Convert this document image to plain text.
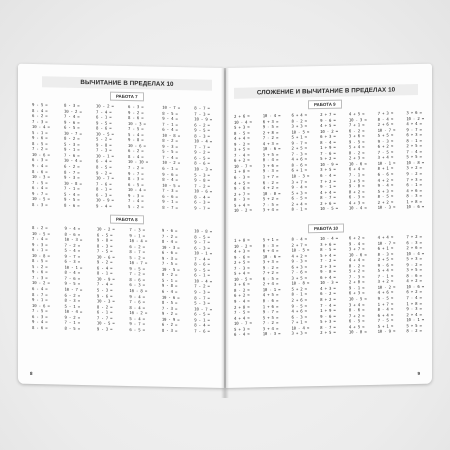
ВЫЧИТАНИЕ В ПРЕДЕЛАХ 10
РАБОТА 7
9 - 5 =
8 - 4 =
6 - 2 =
7 - 3 =
10 - 4 =
5 - 1 =
9 - 6 =
8 - 5 =
7 - 2 =
10 - 6 =
6 - 3 =
9 - 4 =
8 - 6 =
10 - 3 =
7 - 5 =
6 - 4 =
9 - 7 =
10 - 5 =
8 - 3 =
8 - 3 =
10 - 2 =
7 - 4 =
9 - 6 =
6 - 5 =
10 - 7 =
8 - 2 =
5 - 3 =
9 - 1 =
7 - 6 =
10 - 4 =
6 - 2 =
8 - 7 =
9 - 3 =
10 - 8 =
7 - 1 =
5 - 4 =
9 - 5 =
8 - 6 =
10 - 2 =
7 - 4 =
6 - 1 =
9 - 5 =
8 - 6 =
10 - 5 =
5 - 2 =
9 - 8 =
7 - 3 =
10 - 1 =
6 - 4 =
8 - 5 =
9 - 2 =
10 - 7 =
7 - 6 =
8 - 1 =
6 - 3 =
10 - 9 =
9 - 4 =
6 - 3 =
9 - 2 =
8 - 6 =
10 - 3 =
7 - 5 =
5 - 4 =
9 - 8 =
10 - 6 =
6 - 2 =
8 - 4 =
10 - 10 =
7 - 2 =
9 - 7 =
8 - 3 =
6 - 5 =
10 - 4 =
9 - 3 =
7 - 4 =
5 - 2 =
10 - 7 =
8 - 5 =
9 - 4 =
7 - 1 =
6 - 4 =
10 - 8 =
8 - 2 =
9 - 3 =
5 - 5 =
7 - 4 =
10 - 2 =
6 - 1 =
9 - 6 =
8 - 4 =
10 - 5 =
7 - 3 =
6 - 6 =
9 - 1 =
8 - 7 =
8 - 7 =
7 - 3 =
10 - 9 =
6 - 2 =
9 - 5 =
8 - 3 =
10 - 4 =
7 - 7 =
9 - 2 =
6 - 5 =
8 - 6 =
10 - 3 =
5 - 3 =
9 - 8 =
7 - 2 =
10 - 6 =
8 - 4 =
6 - 3 =
9 - 7 =
РАБОТА 8
8 - 2 =
10 - 5 =
7 - 4 =
9 - 3 =
6 - 1 =
10 - 8 =
8 - 5 =
5 - 2 =
9 - 6 =
7 - 3 =
10 - 2 =
6 - 4 =
8 - 7 =
9 - 1 =
10 - 6 =
7 - 5 =
6 - 3 =
9 - 4 =
8 - 6 =
9 - 4 =
8 - 6 =
10 - 3 =
7 - 2 =
5 - 4 =
9 - 7 =
6 - 3 =
10 - 1 =
8 - 4 =
7 - 6 =
9 - 5 =
10 - 7 =
6 - 2 =
8 - 3 =
5 - 1 =
10 - 4 =
9 - 2 =
7 - 1 =
8 - 5 =
10 - 2 =
6 - 5 =
9 - 8 =
8 - 3 =
7 - 5 =
10 - 6 =
9 - 2 =
6 - 4 =
8 - 1 =
10 - 9 =
7 - 4 =
5 - 3 =
9 - 6 =
10 - 3 =
8 - 2 =
6 - 1 =
7 - 7 =
10 - 5 =
9 - 3 =
7 - 3 =
9 - 1 =
10 - 4 =
6 - 2 =
8 - 7 =
5 - 2 =
10 - 7 =
9 - 5 =
7 - 2 =
8 - 6 =
6 - 3 =
10 - 8 =
9 - 4 =
7 - 6 =
8 - 4 =
10 - 2 =
5 - 4 =
9 - 7 =
6 - 5 =
9 - 6 =
7 - 2 =
8 - 4 =
10 - 3 =
6 - 6 =
9 - 3 =
7 - 5 =
10 - 5 =
8 - 2 =
5 - 1 =
9 - 8 =
6 - 4 =
10 - 6 =
8 - 5 =
7 - 3 =
9 - 2 =
10 - 9 =
6 - 2 =
8 - 3 =
10 - 8 =
8 - 5 =
9 - 7 =
6 - 3 =
10 - 1 =
7 - 4 =
8 - 6 =
9 - 5 =
6 - 1 =
10 - 4 =
7 - 2 =
9 - 3 =
8 - 7 =
5 - 3 =
10 - 7 =
6 - 5 =
9 - 1 =
8 - 4 =
7 - 6 =
8
СЛОЖЕНИЕ И ВЫЧИТАНИЕ В ПРЕДЕЛАХ 10
РАБОТА 9
2 + 6 =
10 - 4 =
5 + 3 =
8 - 5 =
4 + 4 =
9 - 2 =
3 + 5 =
7 - 4 =
6 + 2 =
10 - 7 =
1 + 8 =
6 - 3 =
4 + 5 =
9 - 6 =
2 + 7 =
8 - 3 =
5 + 4 =
10 - 2 =
10 - 4 =
6 + 3 =
9 - 5 =
2 + 8 =
7 - 2 =
4 + 3 =
10 - 6 =
5 + 5 =
8 - 4 =
3 + 6 =
9 - 3 =
1 + 7 =
6 - 2 =
4 + 2 =
10 - 8 =
5 + 2 =
7 - 5 =
3 + 4 =
6 + 4 =
8 - 2 =
3 + 3 =
10 - 5 =
5 + 1 =
9 - 7 =
2 + 5 =
7 - 3 =
4 + 6 =
8 - 6 =
6 + 1 =
10 - 3 =
3 + 7 =
9 - 4 =
5 + 3 =
6 - 5 =
2 + 4 =
8 - 1 =
2 + 7 =
9 - 6 =
4 + 5 =
10 - 2 =
6 + 3 =
8 - 4 =
1 + 9 =
7 - 6 =
5 + 2 =
10 - 9 =
3 + 5 =
6 - 4 =
7 + 2 =
9 - 1 =
4 + 4 =
8 - 7 =
2 + 6 =
10 - 5 =
4 + 5 =
10 - 3 =
7 + 1 =
6 - 2 =
3 + 6 =
9 - 5 =
5 + 4 =
8 - 2 =
2 + 3 =
10 - 6 =
6 + 4 =
7 - 1 =
1 + 5 =
9 - 8 =
8 + 2 =
6 - 3 =
4 + 3 =
10 - 4 =
7 + 3 =
8 - 4 =
2 + 6 =
10 - 7 =
5 + 5 =
9 - 3 =
6 + 2 =
7 - 5 =
3 + 4 =
10 - 1 =
8 + 1 =
6 - 6 =
4 + 2 =
9 - 4 =
5 + 3 =
8 - 5 =
2 + 2 =
10 - 3 =
3 + 6 =
10 - 2 =
4 + 4 =
9 - 7 =
6 + 3 =
8 - 1 =
2 + 5 =
7 - 4 =
5 + 5 =
10 - 8 =
3 + 2 =
9 - 2 =
7 + 3 =
6 - 1 =
4 + 6 =
8 - 3 =
1 + 8 =
10 - 6 =
РАБОТА 10
1 + 8 =
10 - 2 =
4 + 3 =
9 - 6 =
2 + 5 =
7 - 3 =
5 + 4 =
10 - 5 =
3 + 6 =
8 - 2 =
6 + 2 =
9 - 4 =
2 + 8 =
7 - 5 =
4 + 4 =
10 - 7 =
5 + 3 =
6 - 4 =
5 + 1 =
8 - 3 =
6 + 4 =
10 - 6 =
3 + 3 =
9 - 2 =
7 + 2 =
6 - 5 =
2 + 4 =
10 - 1 =
4 + 5 =
8 - 6 =
1 + 6 =
9 - 7 =
5 + 5 =
7 - 2 =
3 + 4 =
10 - 3 =
8 - 4 =
2 + 7 =
10 - 5 =
4 + 2 =
9 - 3 =
6 + 3 =
7 - 6 =
3 + 5 =
10 - 8 =
5 + 2 =
8 - 1 =
2 + 6 =
9 - 5 =
4 + 6 =
6 - 3 =
7 + 1 =
10 - 4 =
3 + 3 =
10 - 4 =
3 + 6 =
8 - 5 =
5 + 4 =
7 - 2 =
2 + 3 =
9 - 8 =
6 + 4 =
10 - 3 =
4 + 3 =
6 - 2 =
8 + 2 =
7 - 4 =
1 + 9 =
9 - 6 =
5 + 3 =
8 - 7 =
2 + 5 =
6 + 2 =
9 - 4 =
3 + 7 =
10 - 6 =
4 + 4 =
8 - 2 =
5 + 2 =
7 - 3 =
2 + 8 =
9 - 1 =
6 + 3 =
10 - 5 =
3 + 4 =
8 - 6 =
7 + 2 =
6 - 5 =
4 + 5 =
10 - 8 =
4 + 4 =
10 - 7 =
6 + 1 =
8 - 3 =
2 + 5 =
9 - 6 =
5 + 4 =
7 - 1 =
3 + 2 =
10 - 2 =
4 + 6 =
9 - 5 =
1 + 7 =
8 - 4 =
6 + 4 =
7 - 5 =
5 + 1 =
10 - 9 =
7 + 2 =
6 - 3 =
2 + 6 =
10 - 4 =
5 + 3 =
9 - 2 =
3 + 5 =
8 - 6 =
4 + 2 =
10 - 6 =
6 + 2 =
7 - 4 =
1 + 8 =
9 - 3 =
2 + 4 =
10 - 1 =
5 + 5 =
8 - 2 =
9
